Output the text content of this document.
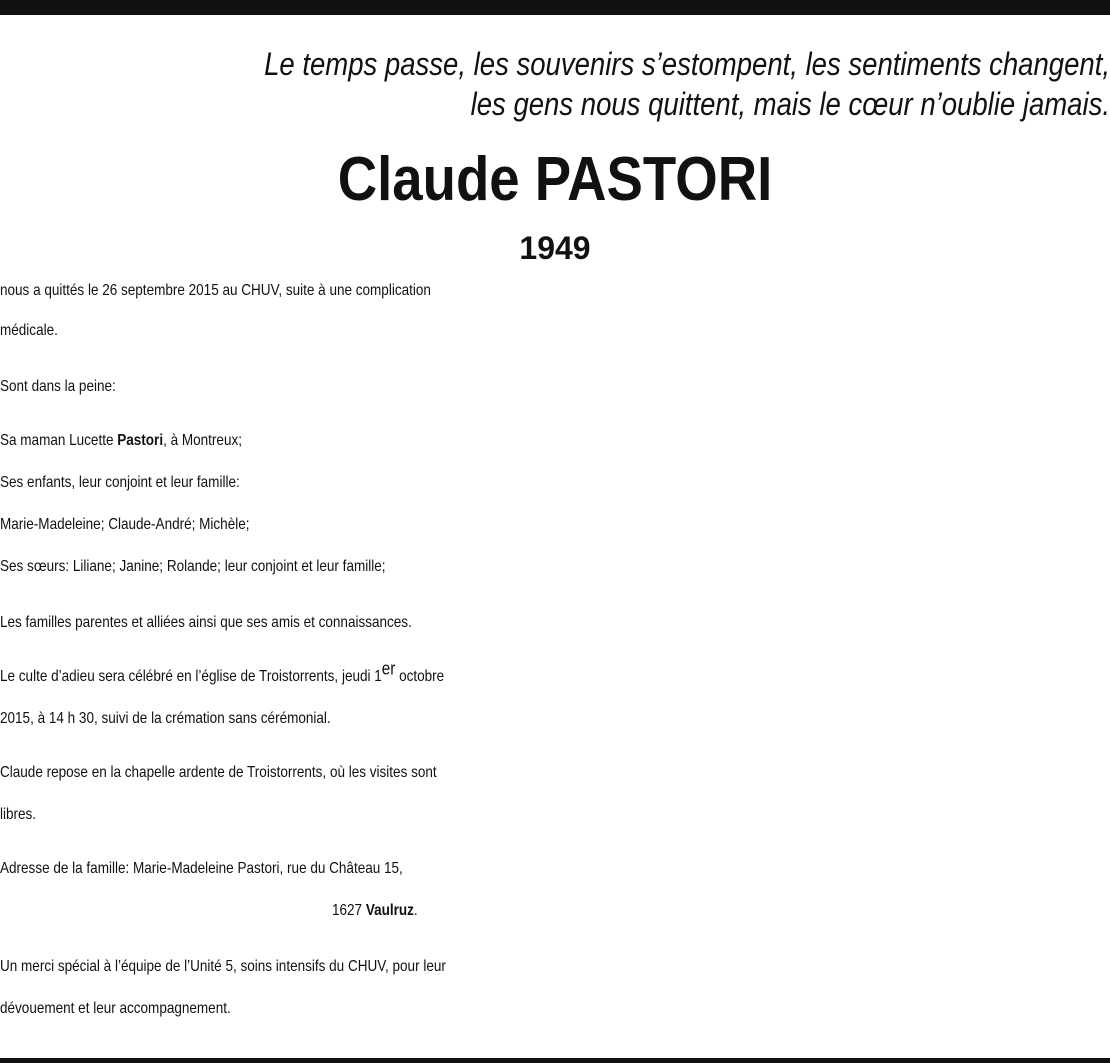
Le temps passe, les souvenirs s’estompent, les sentiments changent,
les gens nous quittent, mais le cœur n’oublie jamais.
Claude PASTORI
1949
nous a quittés le 26 septembre 2015 au CHUV, suite à une complication
médicale.
Sont dans la peine:
Sa maman Lucette Pastori, à Montreux;
Ses enfants, leur conjoint et leur famille:
Marie-Madeleine; Claude-André; Michèle;
Ses sœurs: Liliane; Janine; Rolande; leur conjoint et leur famille;
Les familles parentes et alliées ainsi que ses amis et connaissances.
Le culte d’adieu sera célébré en l’église de Troistorrents, jeudi 1er octobre
2015, à 14 h 30, suivi de la crémation sans cérémonial.
Claude repose en la chapelle ardente de Troistorrents, où les visites sont
libres.
Adresse de la famille: Marie-Madeleine Pastori, rue du Château 15,
1627 Vaulruz.
Un merci spécial à l’équipe de l’Unité 5, soins intensifs du CHUV, pour leur
dévouement et leur accompagnement.
